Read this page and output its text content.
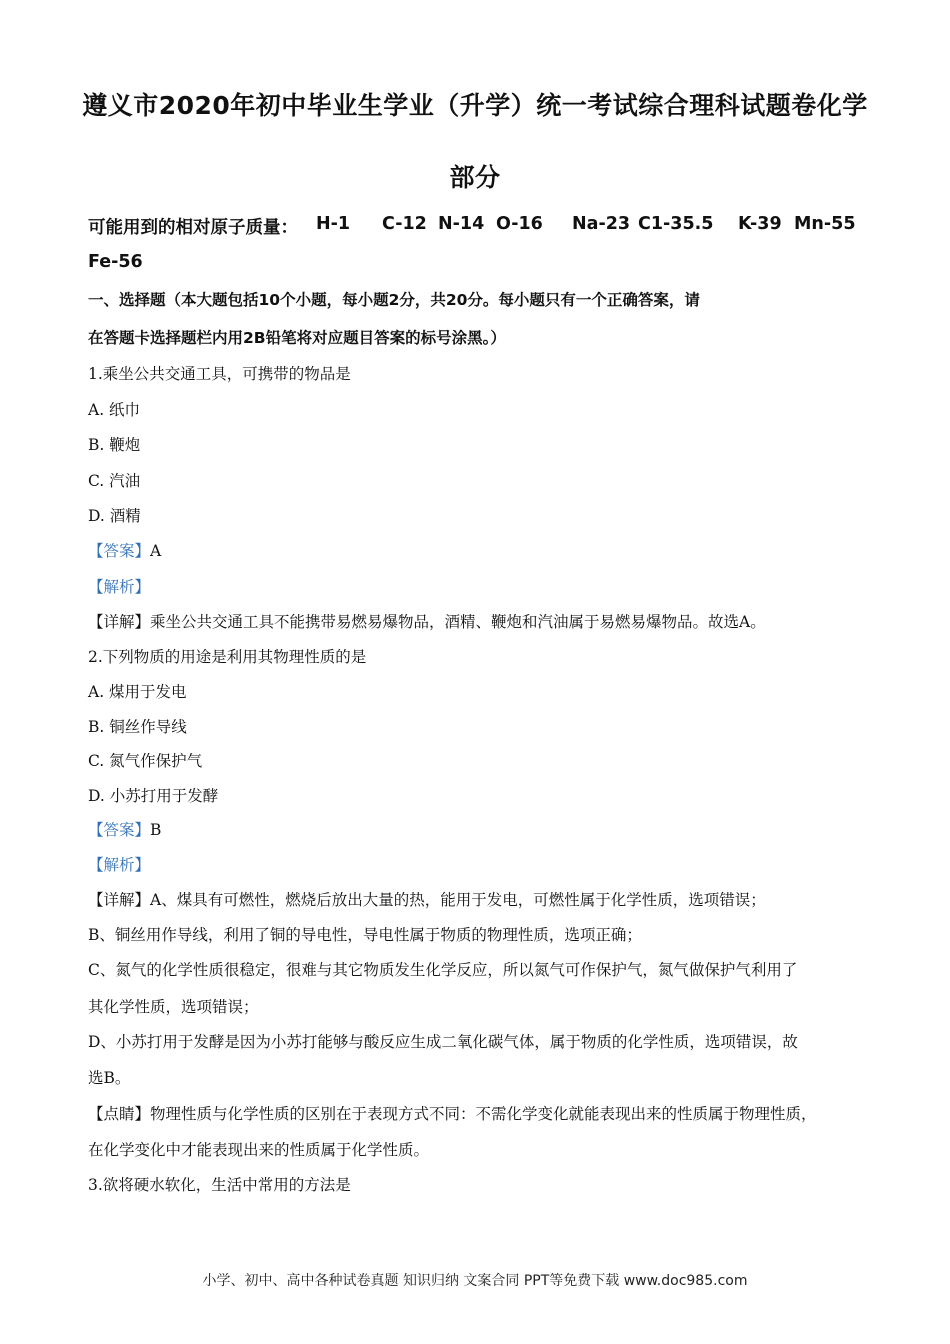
遵义市2020年初中毕业生学业（升学）统一考试综合理科试题卷化学
部分
可能用到的相对原子质量： H-1 C-12 N-14 O-16 Na-23 C1-35.5 K-39 Mn-55
Fe-56
一、选择题（本大题包括10个小题，每小题2分，共20分。每小题只有一个正确答案，请
在答题卡选择题栏内用2B铅笔将对应题目答案的标号涂黑。）
1.乘坐公共交通工具，可携带的物品是
A. 纸巾
B. 鞭炮
C. 汽油
D. 酒精
【答案】A
【解析】
【详解】乘坐公共交通工具不能携带易燃易爆物品，酒精、鞭炮和汽油属于易燃易爆物品。故选A。
2.下列物质的用途是利用其物理性质的是
A. 煤用于发电
B. 铜丝作导线
C. 氮气作保护气
D. 小苏打用于发酵
【答案】B
【解析】
【详解】A、煤具有可燃性，燃烧后放出大量的热，能用于发电，可燃性属于化学性质，选项错误；
B、铜丝用作导线，利用了铜的导电性，导电性属于物质的物理性质，选项正确；
C、氮气的化学性质很稳定，很难与其它物质发生化学反应，所以氮气可作保护气，氮气做保护气利用了
其化学性质，选项错误；
D、小苏打用于发酵是因为小苏打能够与酸反应生成二氧化碳气体，属于物质的化学性质，选项错误，故
选B。
【点睛】物理性质与化学性质的区别在于表现方式不同：不需化学变化就能表现出来的性质属于物理性质，
在化学变化中才能表现出来的性质属于化学性质。
3.欲将硬水软化，生活中常用的方法是
小学、初中、高中各种试卷真题 知识归纳 文案合同 PPT等免费下载 www.doc985.com
